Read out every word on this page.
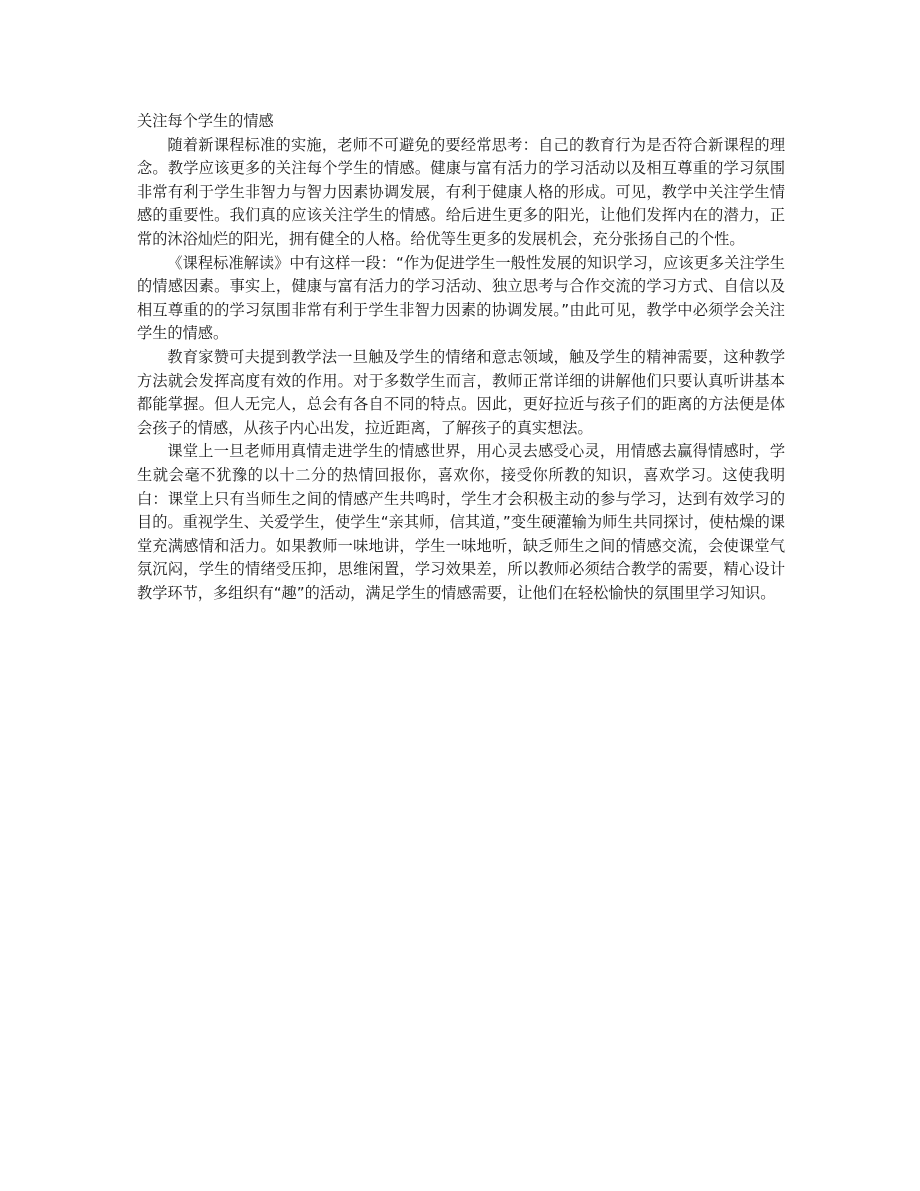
关注每个学生的情感

随着新课程标准的实施，老师不可避免的要经常思考：自己的教育行为是否符合新课程的理念。教学应该更多的关注每个学生的情感。健康与富有活力的学习活动以及相互尊重的学习氛围非常有利于学生非智力与智力因素协调发展，有利于健康人格的形成。可见，教学中关注学生情感的重要性。我们真的应该关注学生的情感。给后进生更多的阳光，让他们发挥内在的潜力，正常的沐浴灿烂的阳光，拥有健全的人格。给优等生更多的发展机会，充分张扬自己的个性。

《课程标准解读》中有这样一段：“作为促进学生一般性发展的知识学习，应该更多关注学生的情感因素。事实上，健康与富有活力的学习活动、独立思考与合作交流的学习方式、自信以及相互尊重的的学习氛围非常有利于学生非智力因素的协调发展。”由此可见，教学中必须学会关注学生的情感。

教育家赞可夫提到教学法一旦触及学生的情绪和意志领域，触及学生的精神需要，这种教学方法就会发挥高度有效的作用。对于多数学生而言，教师正常详细的讲解他们只要认真听讲基本都能掌握。但人无完人，总会有各自不同的特点。因此，更好拉近与孩子们的距离的方法便是体会孩子的情感，从孩子内心出发，拉近距离，了解孩子的真实想法。

课堂上一旦老师用真情走进学生的情感世界，用心灵去感受心灵，用情感去赢得情感时，学生就会毫不犹豫的以十二分的热情回报你，喜欢你，接受你所教的知识，喜欢学习。这使我明白：课堂上只有当师生之间的情感产生共鸣时，学生才会积极主动的参与学习，达到有效学习的目的。重视学生、关爱学生，使学生“亲其师，信其道，”变生硬灌输为师生共同探讨，使枯燥的课堂充满感情和活力。如果教师一味地讲，学生一味地听，缺乏师生之间的情感交流，会使课堂气氛沉闷，学生的情绪受压抑，思维闲置，学习效果差，所以教师必须结合教学的需要，精心设计教学环节，多组织有“趣”的活动，满足学生的情感需要，让他们在轻松愉快的氛围里学习知识。
